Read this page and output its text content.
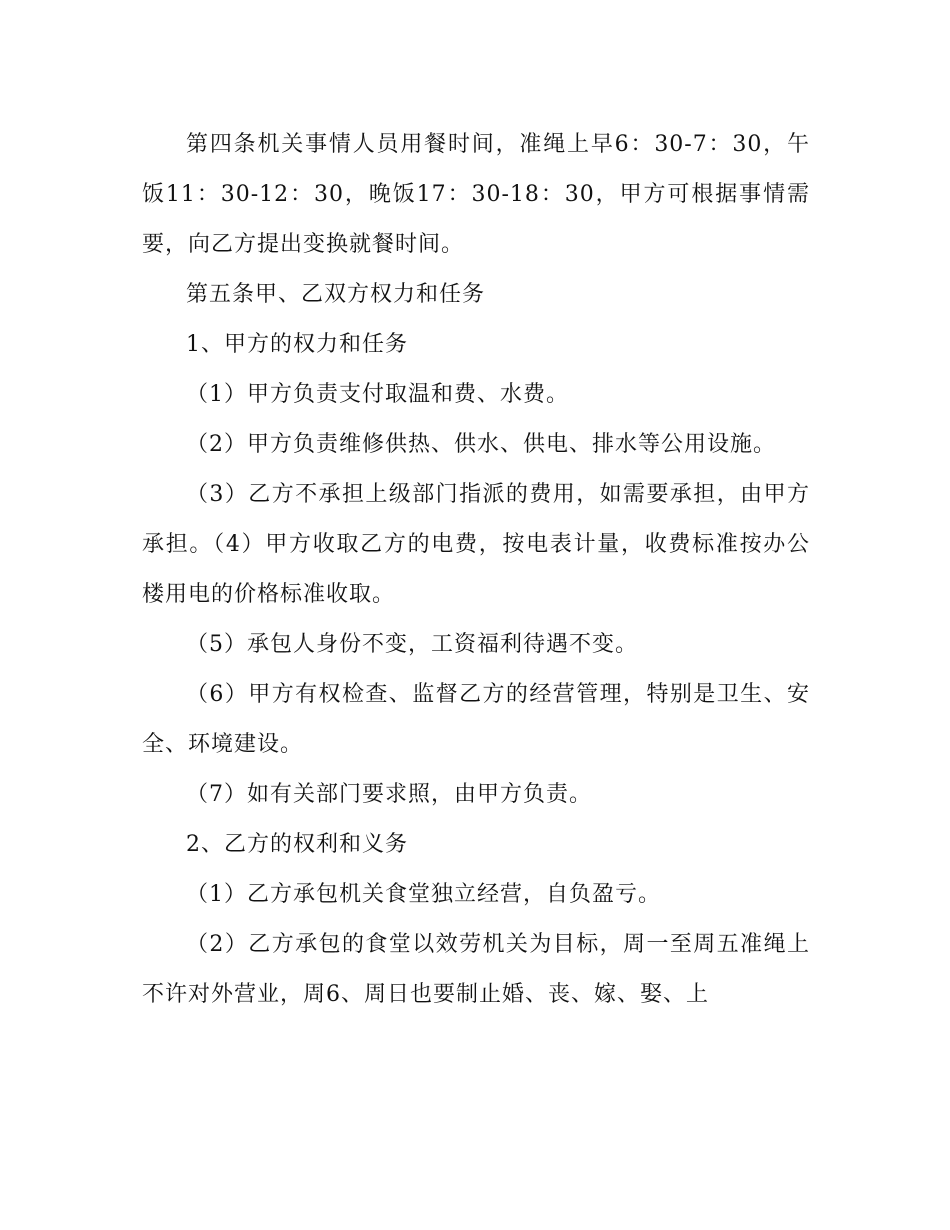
第四条机关事情人员用餐时间，准绳上早6：30-7：30，午饭11：30-12：30，晚饭17：30-18：30，甲方可根据事情需要，向乙方提出变换就餐时间。

第五条甲、乙双方权力和任务

1、甲方的权力和任务

（1）甲方负责支付取温和费、水费。

（2）甲方负责维修供热、供水、供电、排水等公用设施。

（3）乙方不承担上级部门指派的费用，如需要承担，由甲方承担。（4）甲方收取乙方的电费，按电表计量，收费标准按办公楼用电的价格标准收取。

（5）承包人身份不变，工资福利待遇不变。

（6）甲方有权检查、监督乙方的经营管理，特别是卫生、安全、环境建设。

（7）如有关部门要求照，由甲方负责。

2、乙方的权利和义务

（1）乙方承包机关食堂独立经营，自负盈亏。

（2）乙方承包的食堂以效劳机关为目标，周一至周五准绳上不许对外营业，周6、周日也要制止婚、丧、嫁、娶、上
